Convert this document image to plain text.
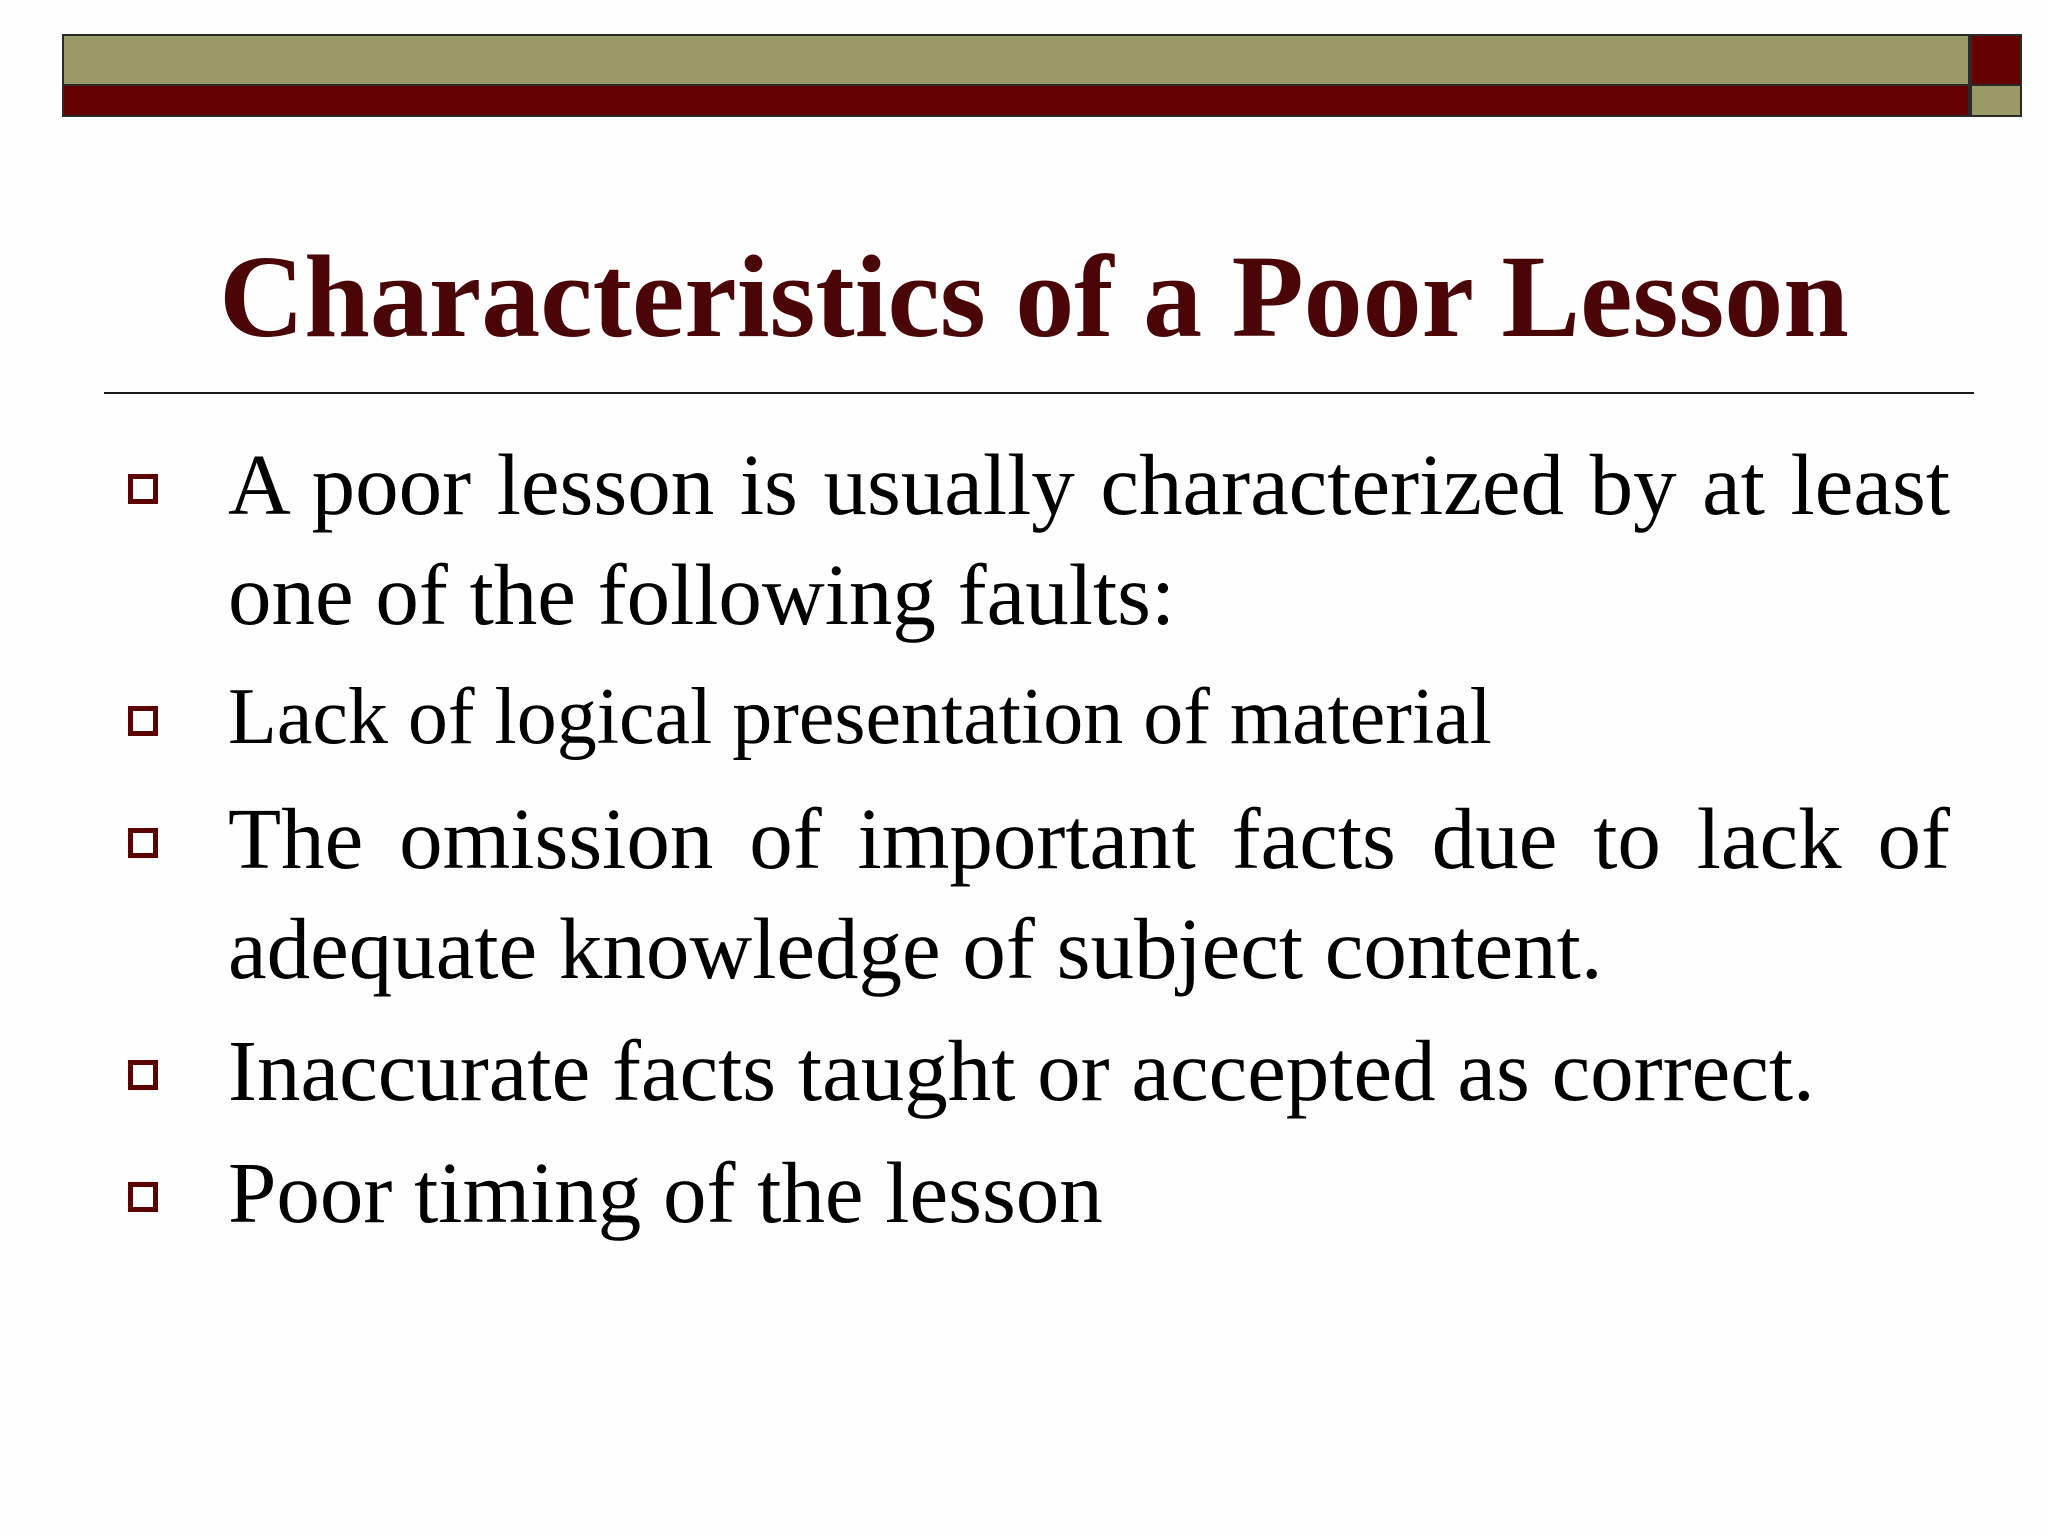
Characteristics of a Poor Lesson
A poor lesson is usually characterized by at least one of the following faults:
Lack of logical presentation of material
The omission of important facts due to lack of adequate knowledge of subject content.
Inaccurate facts taught or accepted as correct.
Poor timing of the lesson
